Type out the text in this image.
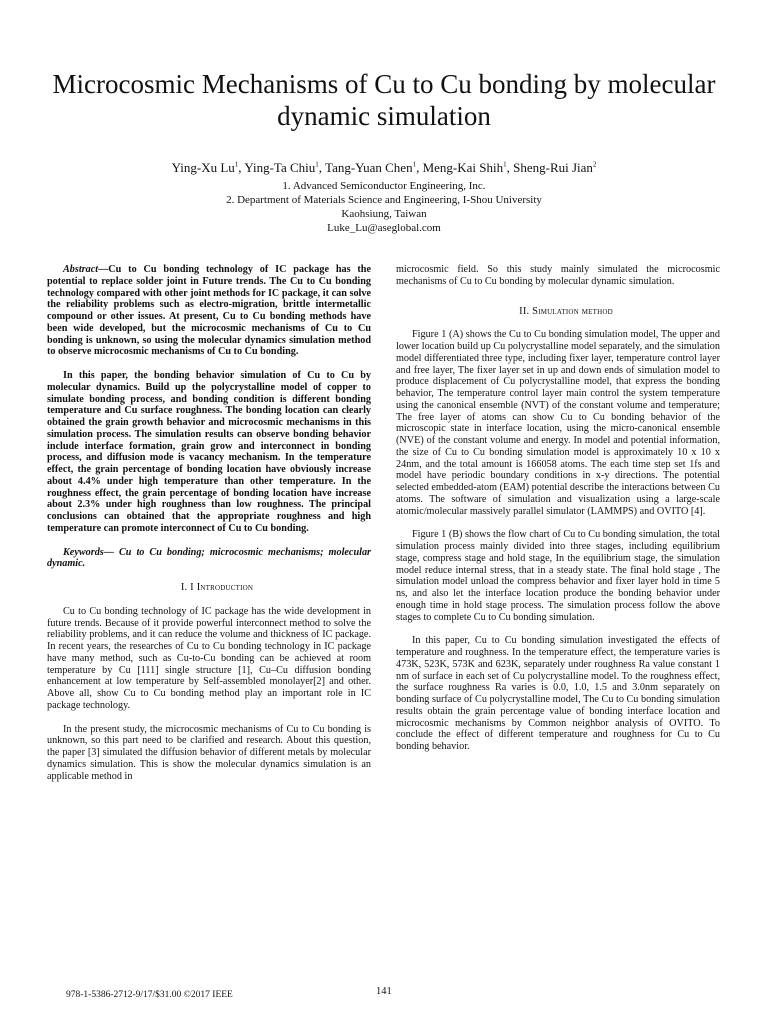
Microcosmic Mechanisms of Cu to Cu bonding by molecular dynamic simulation
Ying-Xu Lu$^1$, Ying-Ta Chiu$^1$, Tang-Yuan Chen$^1$, Meng-Kai Shih$^1$, Sheng-Rui Jian$^2$
1. Advanced Semiconductor Engineering, Inc.
2. Department of Materials Science and Engineering, I-Shou University
Kaohsiung, Taiwan
Luke_Lu@aseglobal.com

Abstract—Cu to Cu bonding technology of IC package has the potential to replace solder joint in Future trends. The Cu to Cu bonding technology compared with other joint methods for IC package, it can solve the reliability problems such as electro-migration, brittle intermetallic compound or other issues. At present, Cu to Cu bonding methods have been wide developed, but the microcosmic mechanisms of Cu to Cu bonding is unknown, so using the molecular dynamics simulation method to observe microcosmic mechanisms of Cu to Cu bonding.

In this paper, the bonding behavior simulation of Cu to Cu by molecular dynamics. Build up the polycrystalline model of copper to simulate bonding process, and bonding condition is different bonding temperature and Cu surface roughness. The bonding location can clearly obtained the grain growth behavior and microcosmic mechanisms in this simulation process. The simulation results can observe bonding behavior include interface formation, grain grow and interconnect in bonding process, and diffusion mode is vacancy mechanism. In the temperature effect, the grain percentage of bonding location have obviously increase about 4.4% under high temperature than other temperature. In the roughness effect, the grain percentage of bonding location have increase about 2.3% under high roughness than low roughness. The principal conclusions can obtained that the appropriate roughness and high temperature can promote interconnect of Cu to Cu bonding.

Keywords— Cu to Cu bonding; microcosmic mechanisms; molecular dynamic.

I. I Introduction

Cu to Cu bonding technology of IC package has the wide development in future trends. Because of it provide powerful interconnect method to solve the reliability problems, and it can reduce the volume and thickness of IC package. In recent years, the researches of Cu to Cu bonding technology in IC package have many method, such as Cu-to-Cu bonding can be achieved at room temperature by Cu [111] single structure [1], Cu–Cu diffusion bonding enhancement at low temperature by Self-assembled monolayer[2] and other. Above all, show Cu to Cu bonding method play an important role in IC package technology.

In the present study, the microcosmic mechanisms of Cu to Cu bonding is unknown, so this part need to be clarified and research. About this question, the paper [3] simulated the diffusion behavior of different metals by molecular dynamics simulation. This is show the molecular dynamics simulation is an applicable method in

microcosmic field. So this study mainly simulated the microcosmic mechanisms of Cu to Cu bonding by molecular dynamic simulation.

II. Simulation method

Figure 1 (A) shows the Cu to Cu bonding simulation model, The upper and lower location build up Cu polycrystalline model separately, and the simulation model differentiated three type, including fixer layer, temperature control layer and free layer, The fixer layer set in up and down ends of simulation model to produce displacement of Cu polycrystalline model, that express the bonding behavior, The temperature control layer main control the system temperature using the canonical ensemble (NVT) of the constant volume and temperature; The free layer of atoms can show Cu to Cu bonding behavior of the microscopic state in interface location, using the micro-canonical ensemble (NVE) of the constant volume and energy. In model and potential information, the size of Cu to Cu bonding simulation model is approximately 10 x 10 x 24nm, and the total amount is 166058 atoms. The each time step set 1fs and model have periodic boundary conditions in x-y directions. The potential selected embedded-atom (EAM) potential describe the interactions between Cu atoms. The software of simulation and visualization using a large-scale atomic/molecular massively parallel simulator (LAMMPS) and OVITO [4].

Figure 1 (B) shows the flow chart of Cu to Cu bonding simulation, the total simulation process mainly divided into three stages, including equilibrium stage, compress stage and hold stage, In the equilibrium stage, the simulation model reduce internal stress, that in a steady state. The final hold stage , The simulation model unload the compress behavior and fixer layer hold in time 5 ns, and also let the interface location produce the bonding behavior under enough time in hold stage process. The simulation process follow the above stages to complete Cu to Cu bonding simulation.

In this paper, Cu to Cu bonding simulation investigated the effects of temperature and roughness. In the temperature effect, the temperature varies is 473K, 523K, 573K and 623K, separately under roughness Ra value constant 1 nm of surface in each set of Cu polycrystalline model. To the roughness effect, the surface roughness Ra varies is 0.0, 1.0, 1.5 and 3.0nm separately on bonding surface of Cu polycrystalline model, The Cu to Cu bonding simulation results obtain the grain percentage value of bonding interface location and microcosmic mechanisms by Common neighbor analysis of OVITO. To conclude the effect of different temperature and roughness for Cu to Cu bonding behavior.

978-1-5386-2712-9/17/$31.00 ©2017 IEEE	141
